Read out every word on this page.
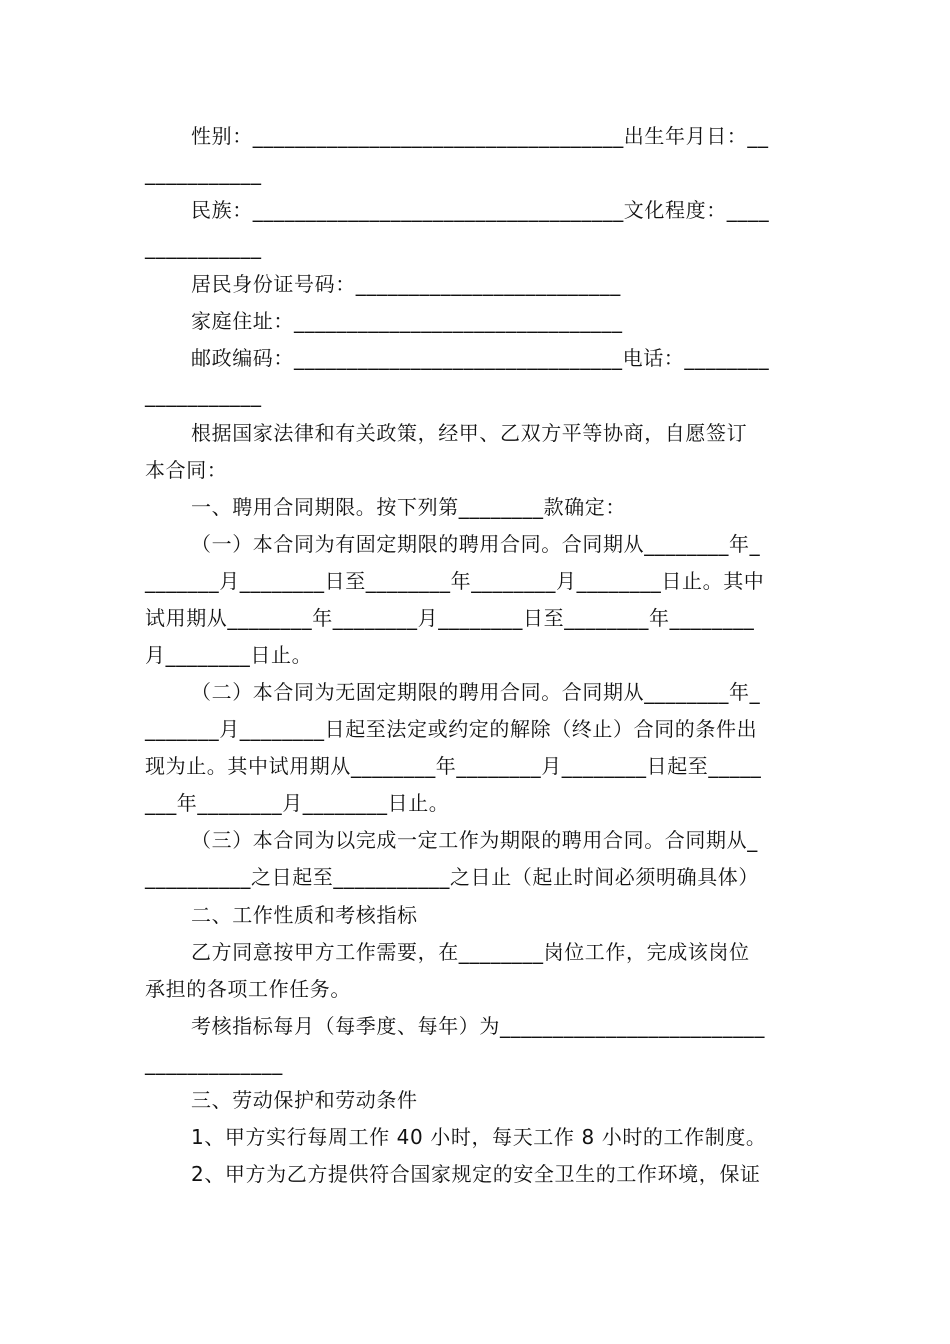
性别：___________________________________出生年月日：__

___________

民族：___________________________________文化程度：____

___________

居民身份证号码：_________________________

家庭住址：_______________________________

邮政编码：_______________________________电话：________

___________

根据国家法律和有关政策，经甲、乙双方平等协商，自愿签订

本合同：

一、聘用合同期限。按下列第________款确定：

（一）本合同为有固定期限的聘用合同。合同期从________年_

_______月________日至________年________月________日止。其中

试用期从________年________月________日至________年________

月________日止。

（二）本合同为无固定期限的聘用合同。合同期从________年_

_______月________日起至法定或约定的解除（终止）合同的条件出

现为止。其中试用期从________年________月________日起至_____

___年________月________日止。

（三）本合同为以完成一定工作为期限的聘用合同。合同期从_

__________之日起至___________之日止（起止时间必须明确具体）

二、工作性质和考核指标

乙方同意按甲方工作需要，在________岗位工作，完成该岗位

承担的各项工作任务。

考核指标每月（每季度、每年）为_________________________

_____________

三、劳动保护和劳动条件

1、甲方实行每周工作 40 小时，每天工作 8 小时的工作制度。

2、甲方为乙方提供符合国家规定的安全卫生的工作环境，保证
